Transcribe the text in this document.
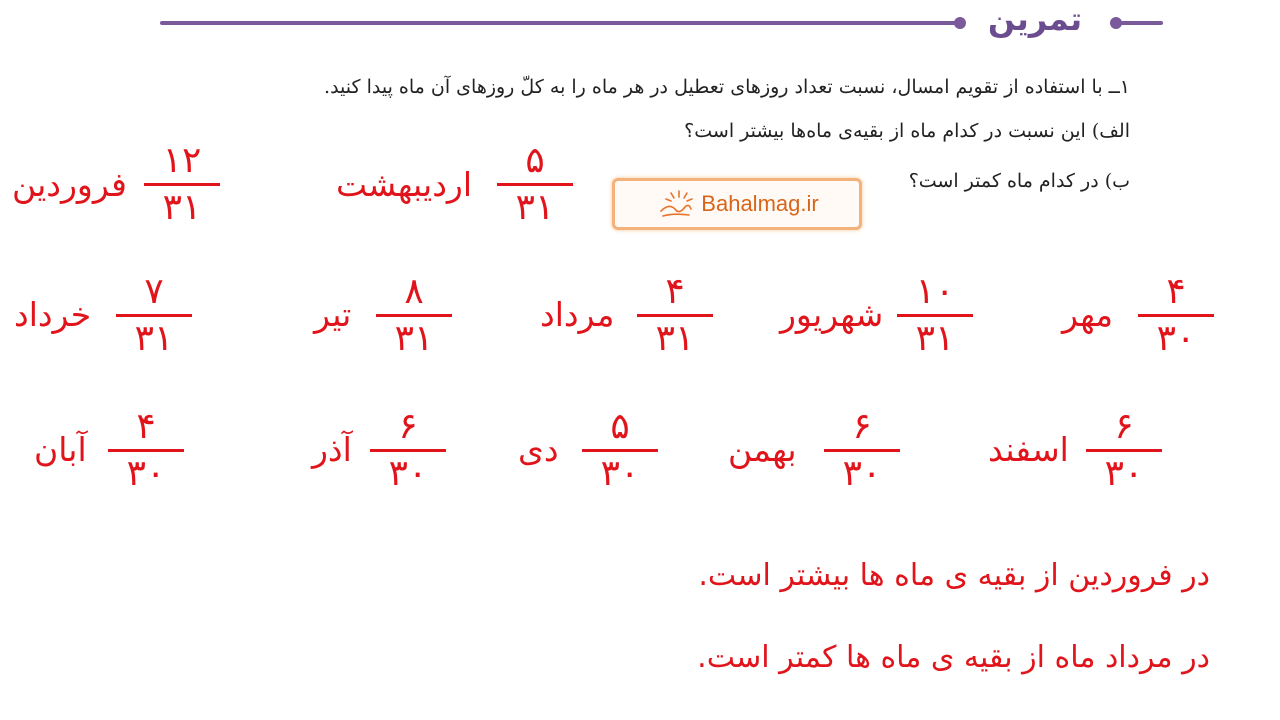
تمرین
۱ــ با استفاده از تقویم امسال، نسبت تعداد روزهای تعطیل در هر ماه را به کلّ روزهای آن ماه پیدا کنید.
الف) این نسبت در کدام ماه از بقیه‌ی ماه‌ها بیشتر است؟
ب) در کدام ماه کمتر است؟
Bahalmag.ir
فروردین
۱۲
۳۱
اردیبهشت
۵
۳۱
خرداد
۷
۳۱
تیر
۸
۳۱
مرداد
۴
۳۱
شهریور
۱۰
۳۱
مهر
۴
۳۰
آبان
۴
۳۰
آذر
۶
۳۰
دی
۵
۳۰
بهمن
۶
۳۰
اسفند
۶
۳۰
در فروردین از بقیه ی ماه ها بیشتر است.
در مرداد ماه از بقیه ی ماه ها کمتر است.
